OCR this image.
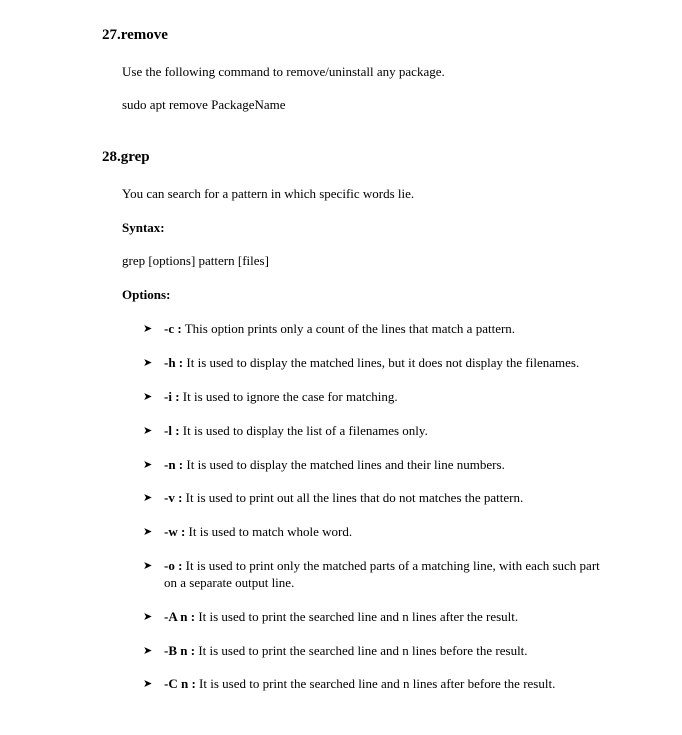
27.remove
Use the following command to remove/uninstall any package.
sudo apt remove PackageName
28.grep
You can search for a pattern in which specific words lie.
Syntax:
grep [options] pattern [files]
Options:
➤ -c : This option prints only a count of the lines that match a pattern.
➤ -h : It is used to display the matched lines, but it does not display the filenames.
➤ -i : It is used to ignore the case for matching.
➤ -l : It is used to display the list of a filenames only.
➤ -n : It is used to display the matched lines and their line numbers.
➤ -v : It is used to print out all the lines that do not matches the pattern.
➤ -w : It is used to match whole word.
➤ -o : It is used to print only the matched parts of a matching line, with each such part on a separate output line.
➤ -A n : It is used to print the searched line and n lines after the result.
➤ -B n : It is used to print the searched line and n lines before the result.
➤ -C n : It is used to print the searched line and n lines after before the result.
